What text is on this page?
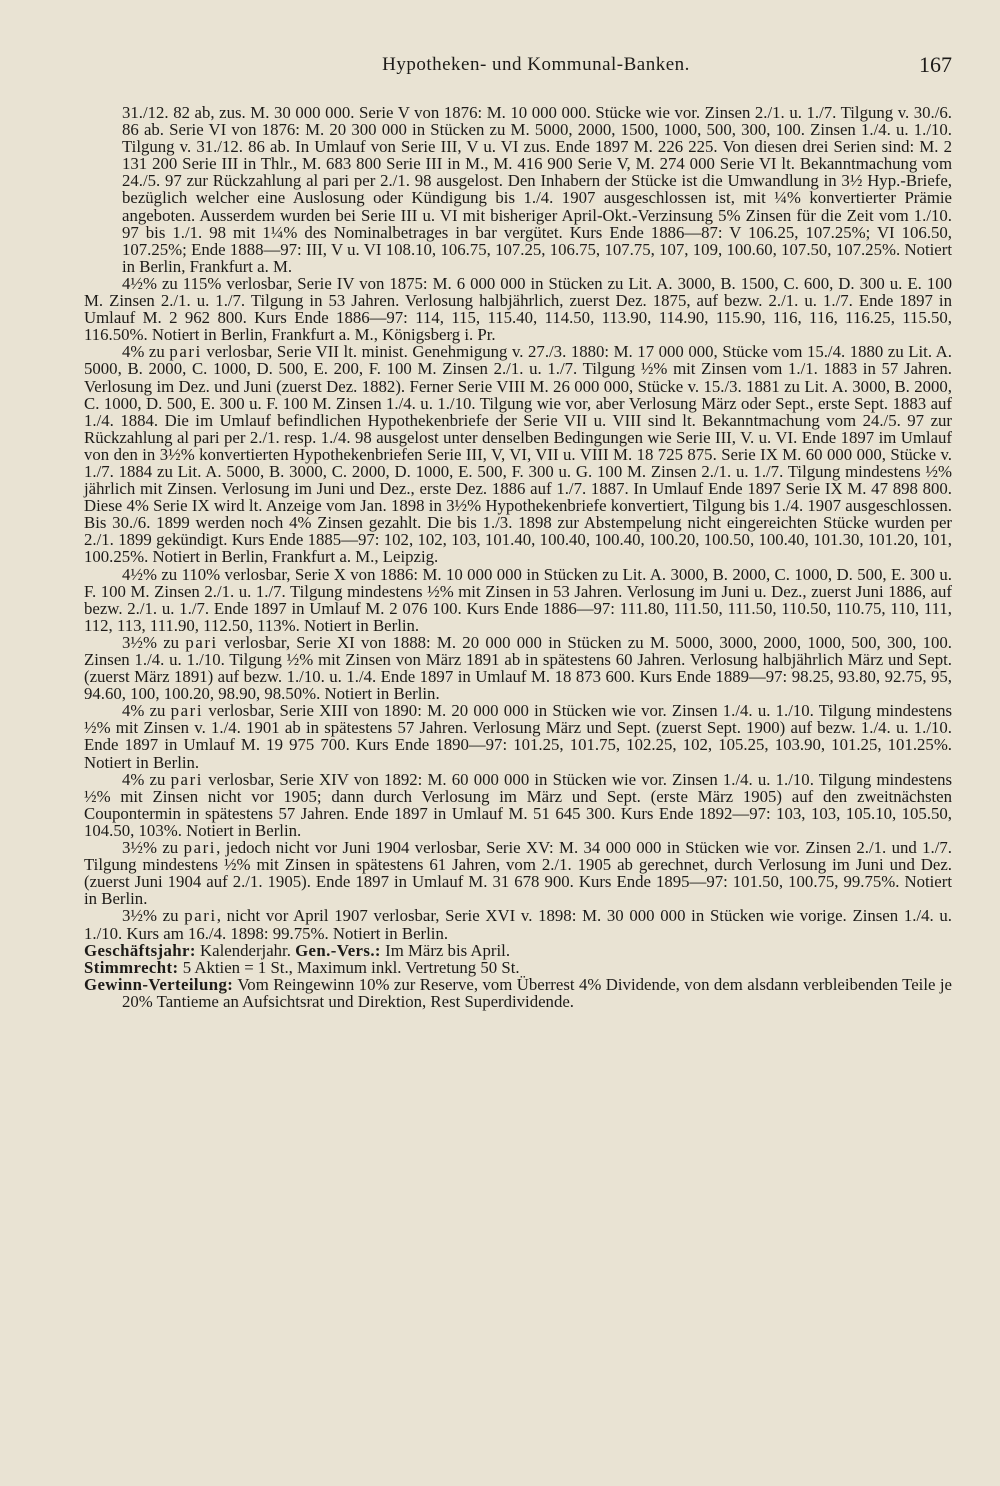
Hypotheken- und Kommunal-Banken.	167

31./12. 82 ab, zus. M. 30 000 000. Serie V von 1876: M. 10 000 000. Stücke wie vor. Zinsen 2./1. u. 1./7. Tilgung v. 30./6. 86 ab. Serie VI von 1876: M. 20 300 000 in Stücken zu M. 5000, 2000, 1500, 1000, 500, 300, 100. Zinsen 1./4. u. 1./10. Tilgung v. 31./12. 86 ab. In Umlauf von Serie III, V u. VI zus. Ende 1897 M. 226 225. Von diesen drei Serien sind: M. 2 131 200 Serie III in Thlr., M. 683 800 Serie III in M., M. 416 900 Serie V, M. 274 000 Serie VI lt. Bekanntmachung vom 24./5. 97 zur Rückzahlung al pari per 2./1. 98 ausgelost. Den Inhabern der Stücke ist die Umwandlung in 3½ Hyp.-Briefe, bezüglich welcher eine Auslosung oder Kündigung bis 1./4. 1907 ausgeschlossen ist, mit ¼% konvertierter Prämie angeboten. Ausserdem wurden bei Serie III u. VI mit bisheriger April-Okt.-Verzinsung 5% Zinsen für die Zeit vom 1./10. 97 bis 1./1. 98 mit 1¼% des Nominalbetrages in bar vergütet. Kurs Ende 1886—87: V 106.25, 107.25%; VI 106.50, 107.25%; Ende 1888—97: III, V u. VI 108.10, 106.75, 107.25, 106.75, 107.75, 107, 109, 100.60, 107.50, 107.25%. Notiert in Berlin, Frankfurt a. M.

4½% zu 115% verlosbar, Serie IV von 1875: M. 6 000 000 in Stücken zu Lit. A. 3000, B. 1500, C. 600, D. 300 u. E. 100 M. Zinsen 2./1. u. 1./7. Tilgung in 53 Jahren. Verlosung halbjährlich, zuerst Dez. 1875, auf bezw. 2./1. u. 1./7. Ende 1897 in Umlauf M. 2 962 800. Kurs Ende 1886—97: 114, 115, 115.40, 114.50, 113.90, 114.90, 115.90, 116, 116, 116.25, 115.50, 116.50%. Notiert in Berlin, Frankfurt a. M., Königsberg i. Pr.

4% zu pari verlosbar, Serie VII lt. minist. Genehmigung v. 27./3. 1880: M. 17 000 000, Stücke vom 15./4. 1880 zu Lit. A. 5000, B. 2000, C. 1000, D. 500, E. 200, F. 100 M. Zinsen 2./1. u. 1./7. Tilgung ½% mit Zinsen vom 1./1. 1883 in 57 Jahren. Verlosung im Dez. und Juni (zuerst Dez. 1882). Ferner Serie VIII M. 26 000 000, Stücke v. 15./3. 1881 zu Lit. A. 3000, B. 2000, C. 1000, D. 500, E. 300 u. F. 100 M. Zinsen 1./4. u. 1./10. Tilgung wie vor, aber Verlosung März oder Sept., erste Sept. 1883 auf 1./4. 1884. Die im Umlauf befindlichen Hypothekenbriefe der Serie VII u. VIII sind lt. Bekanntmachung vom 24./5. 97 zur Rückzahlung al pari per 2./1. resp. 1./4. 98 ausgelost unter denselben Bedingungen wie Serie III, V. u. VI. Ende 1897 im Umlauf von den in 3½% konvertierten Hypothekenbriefen Serie III, V, VI, VII u. VIII M. 18 725 875. Serie IX M. 60 000 000, Stücke v. 1./7. 1884 zu Lit. A. 5000, B. 3000, C. 2000, D. 1000, E. 500, F. 300 u. G. 100 M. Zinsen 2./1. u. 1./7. Tilgung mindestens ½% jährlich mit Zinsen. Verlosung im Juni und Dez., erste Dez. 1886 auf 1./7. 1887. In Umlauf Ende 1897 Serie IX M. 47 898 800. Diese 4% Serie IX wird lt. Anzeige vom Jan. 1898 in 3½% Hypothekenbriefe konvertiert, Tilgung bis 1./4. 1907 ausgeschlossen. Bis 30./6. 1899 werden noch 4% Zinsen gezahlt. Die bis 1./3. 1898 zur Abstempelung nicht eingereichten Stücke wurden per 2./1. 1899 gekündigt. Kurs Ende 1885—97: 102, 102, 103, 101.40, 100.40, 100.40, 100.20, 100.50, 100.40, 101.30, 101.20, 101, 100.25%. Notiert in Berlin, Frankfurt a. M., Leipzig.

4½% zu 110% verlosbar, Serie X von 1886: M. 10 000 000 in Stücken zu Lit. A. 3000, B. 2000, C. 1000, D. 500, E. 300 u. F. 100 M. Zinsen 2./1. u. 1./7. Tilgung mindestens ½% mit Zinsen in 53 Jahren. Verlosung im Juni u. Dez., zuerst Juni 1886, auf bezw. 2./1. u. 1./7. Ende 1897 in Umlauf M. 2 076 100. Kurs Ende 1886—97: 111.80, 111.50, 111.50, 110.50, 110.75, 110, 111, 112, 113, 111.90, 112.50, 113%. Notiert in Berlin.

3½% zu pari verlosbar, Serie XI von 1888: M. 20 000 000 in Stücken zu M. 5000, 3000, 2000, 1000, 500, 300, 100. Zinsen 1./4. u. 1./10. Tilgung ½% mit Zinsen von März 1891 ab in spätestens 60 Jahren. Verlosung halbjährlich März und Sept. (zuerst März 1891) auf bezw. 1./10. u. 1./4. Ende 1897 in Umlauf M. 18 873 600. Kurs Ende 1889—97: 98.25, 93.80, 92.75, 95, 94.60, 100, 100.20, 98.90, 98.50%. Notiert in Berlin.

4% zu pari verlosbar, Serie XIII von 1890: M. 20 000 000 in Stücken wie vor. Zinsen 1./4. u. 1./10. Tilgung mindestens ½% mit Zinsen v. 1./4. 1901 ab in spätestens 57 Jahren. Verlosung März und Sept. (zuerst Sept. 1900) auf bezw. 1./4. u. 1./10. Ende 1897 in Umlauf M. 19 975 700. Kurs Ende 1890—97: 101.25, 101.75, 102.25, 102, 105.25, 103.90, 101.25, 101.25%. Notiert in Berlin.

4% zu pari verlosbar, Serie XIV von 1892: M. 60 000 000 in Stücken wie vor. Zinsen 1./4. u. 1./10. Tilgung mindestens ½% mit Zinsen nicht vor 1905; dann durch Verlosung im März und Sept. (erste März 1905) auf den zweitnächsten Coupontermin in spätestens 57 Jahren. Ende 1897 in Umlauf M. 51 645 300. Kurs Ende 1892—97: 103, 103, 105.10, 105.50, 104.50, 103%. Notiert in Berlin.

3½% zu pari, jedoch nicht vor Juni 1904 verlosbar, Serie XV: M. 34 000 000 in Stücken wie vor. Zinsen 2./1. und 1./7. Tilgung mindestens ½% mit Zinsen in spätestens 61 Jahren, vom 2./1. 1905 ab gerechnet, durch Verlosung im Juni und Dez. (zuerst Juni 1904 auf 2./1. 1905). Ende 1897 in Umlauf M. 31 678 900. Kurs Ende 1895—97: 101.50, 100.75, 99.75%. Notiert in Berlin.

3½% zu pari, nicht vor April 1907 verlosbar, Serie XVI v. 1898: M. 30 000 000 in Stücken wie vorige. Zinsen 1./4. u. 1./10. Kurs am 16./4. 1898: 99.75%. Notiert in Berlin.

Geschäftsjahr: Kalenderjahr. Gen.-Vers.: Im März bis April.

Stimmrecht: 5 Aktien = 1 St., Maximum inkl. Vertretung 50 St.

Gewinn-Verteilung: Vom Reingewinn 10% zur Reserve, vom Überrest 4% Dividende, von dem alsdann verbleibenden Teile je 20% Tantieme an Aufsichtsrat und Direktion, Rest Superdividende.
